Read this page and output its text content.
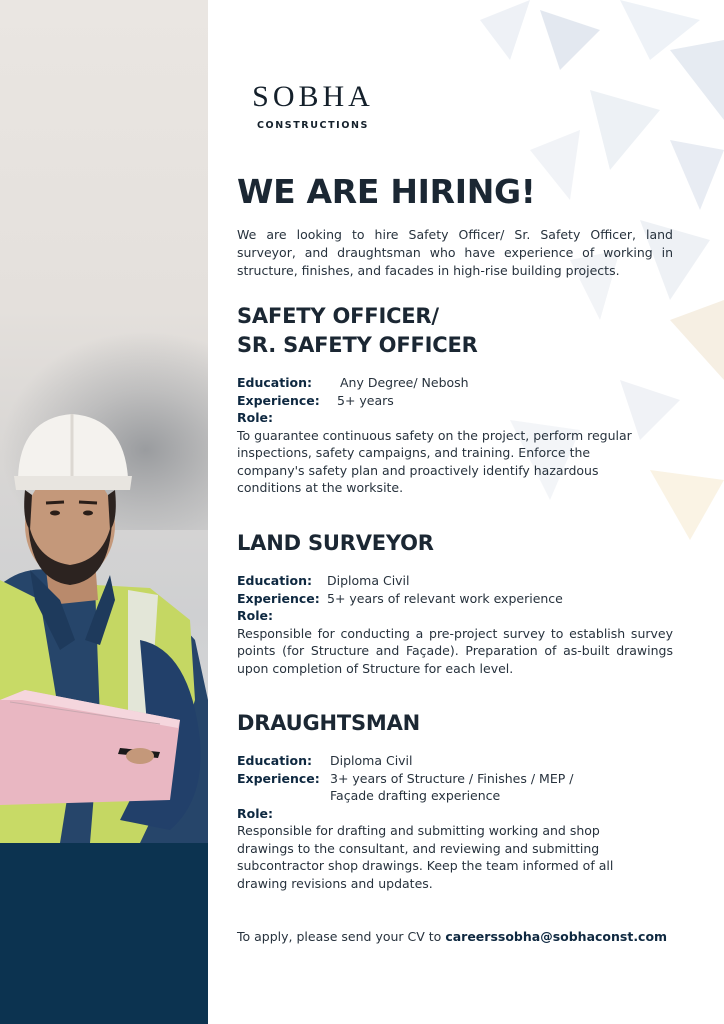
SOBHA
CONSTRUCTIONS
WE ARE HIRING!

We are looking to hire Safety Officer/ Sr. Safety Officer, land surveyor, and draughtsman who have experience of working in structure, finishes, and facades in high-rise building projects.

SAFETY OFFICER/
SR. SAFETY OFFICER
Education:	Any Degree/ Nebosh
Experience:	5+ years
Role:
To guarantee continuous safety on the project, perform regular
inspections, safety campaigns, and training. Enforce the
company's safety plan and proactively identify hazardous
conditions at the worksite.
LAND SURVEYOR
Education:	Diploma Civil
Experience: 5+ years of relevant work experience
Role:
Responsible for conducting a pre-project survey to establish survey points (for Structure and Façade). Preparation of as-built drawings upon completion of Structure for each level.
DRAUGHTSMAN
Education:	Diploma Civil
Experience: 3+ years of Structure / Finishes / MEP /
Façade drafting experience
Role:
Responsible for drafting and submitting working and shop
drawings to the consultant, and reviewing and submitting
subcontractor shop drawings. Keep the team informed of all
drawing revisions and updates.
To apply, please send your CV to careerssobha@sobhaconst.com
